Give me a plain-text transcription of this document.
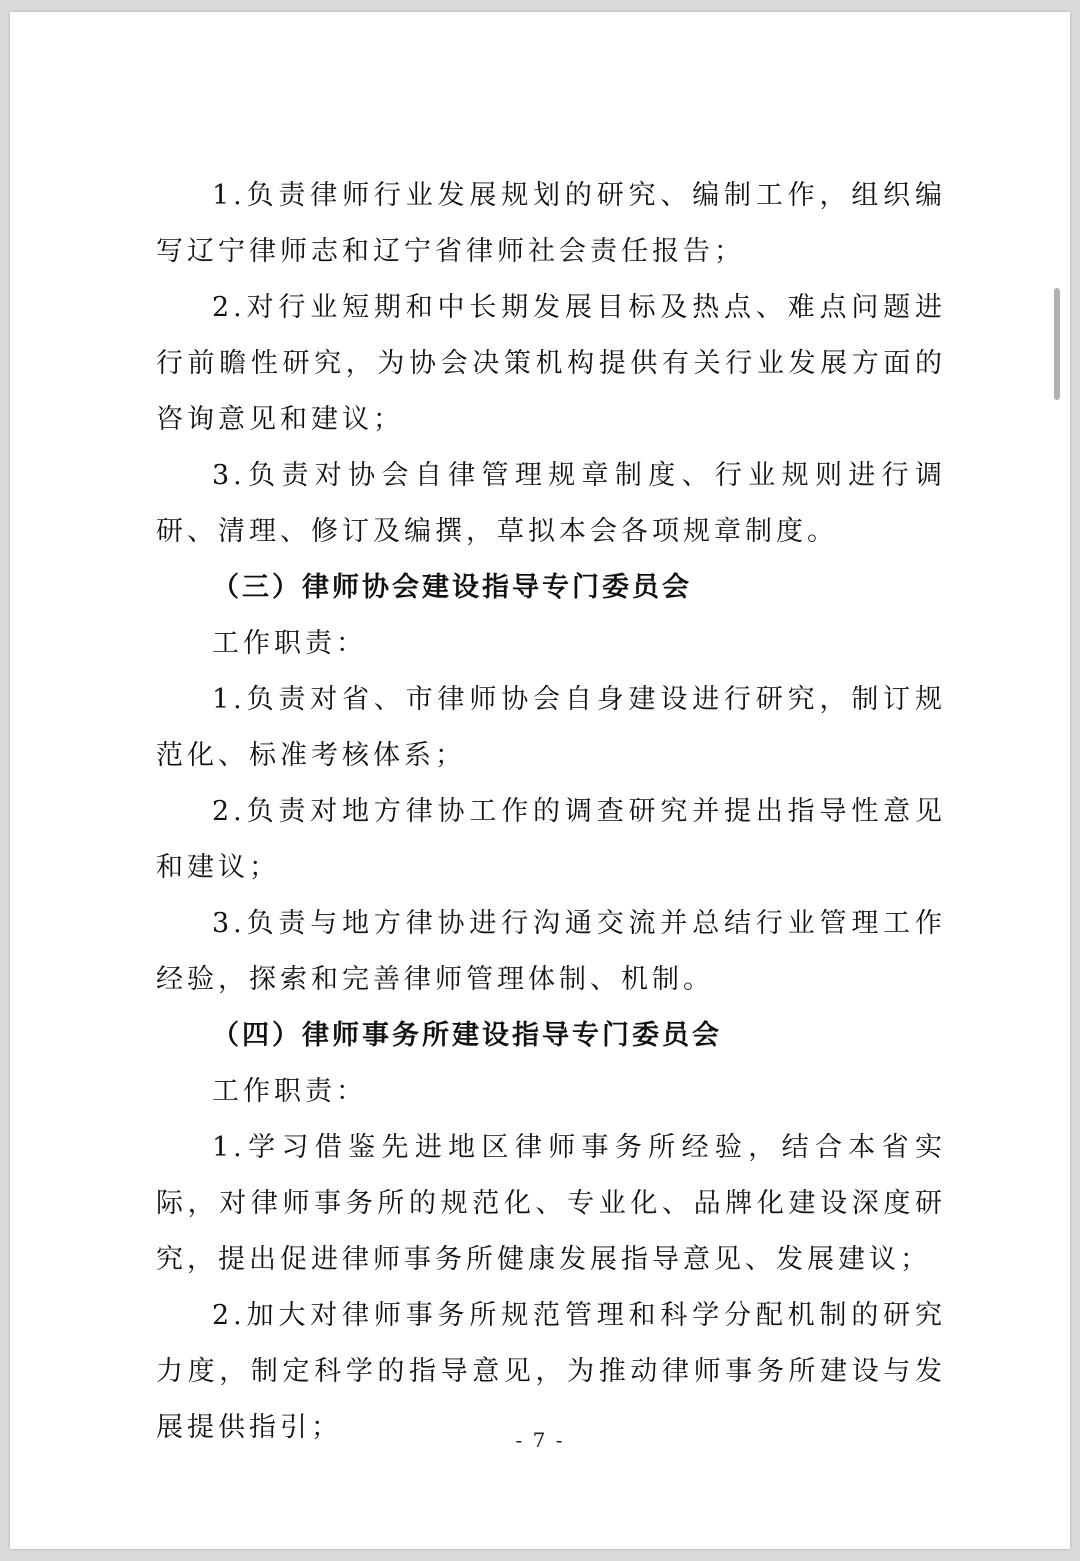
1.负责律师行业发展规划的研究、编制工作，组织编写辽宁律师志和辽宁省律师社会责任报告；

2.对行业短期和中长期发展目标及热点、难点问题进行前瞻性研究，为协会决策机构提供有关行业发展方面的咨询意见和建议；

3.负责对协会自律管理规章制度、行业规则进行调研、清理、修订及编撰，草拟本会各项规章制度。

（三）律师协会建设指导专门委员会

工作职责：

1.负责对省、市律师协会自身建设进行研究，制订规范化、标准考核体系；

2.负责对地方律协工作的调查研究并提出指导性意见和建议；

3.负责与地方律协进行沟通交流并总结行业管理工作经验，探索和完善律师管理体制、机制。

（四）律师事务所建设指导专门委员会

工作职责：

1.学习借鉴先进地区律师事务所经验，结合本省实际，对律师事务所的规范化、专业化、品牌化建设深度研究，提出促进律师事务所健康发展指导意见、发展建议；

2.加大对律师事务所规范管理和科学分配机制的研究力度，制定科学的指导意见，为推动律师事务所建设与发展提供指引；	- 7 -
